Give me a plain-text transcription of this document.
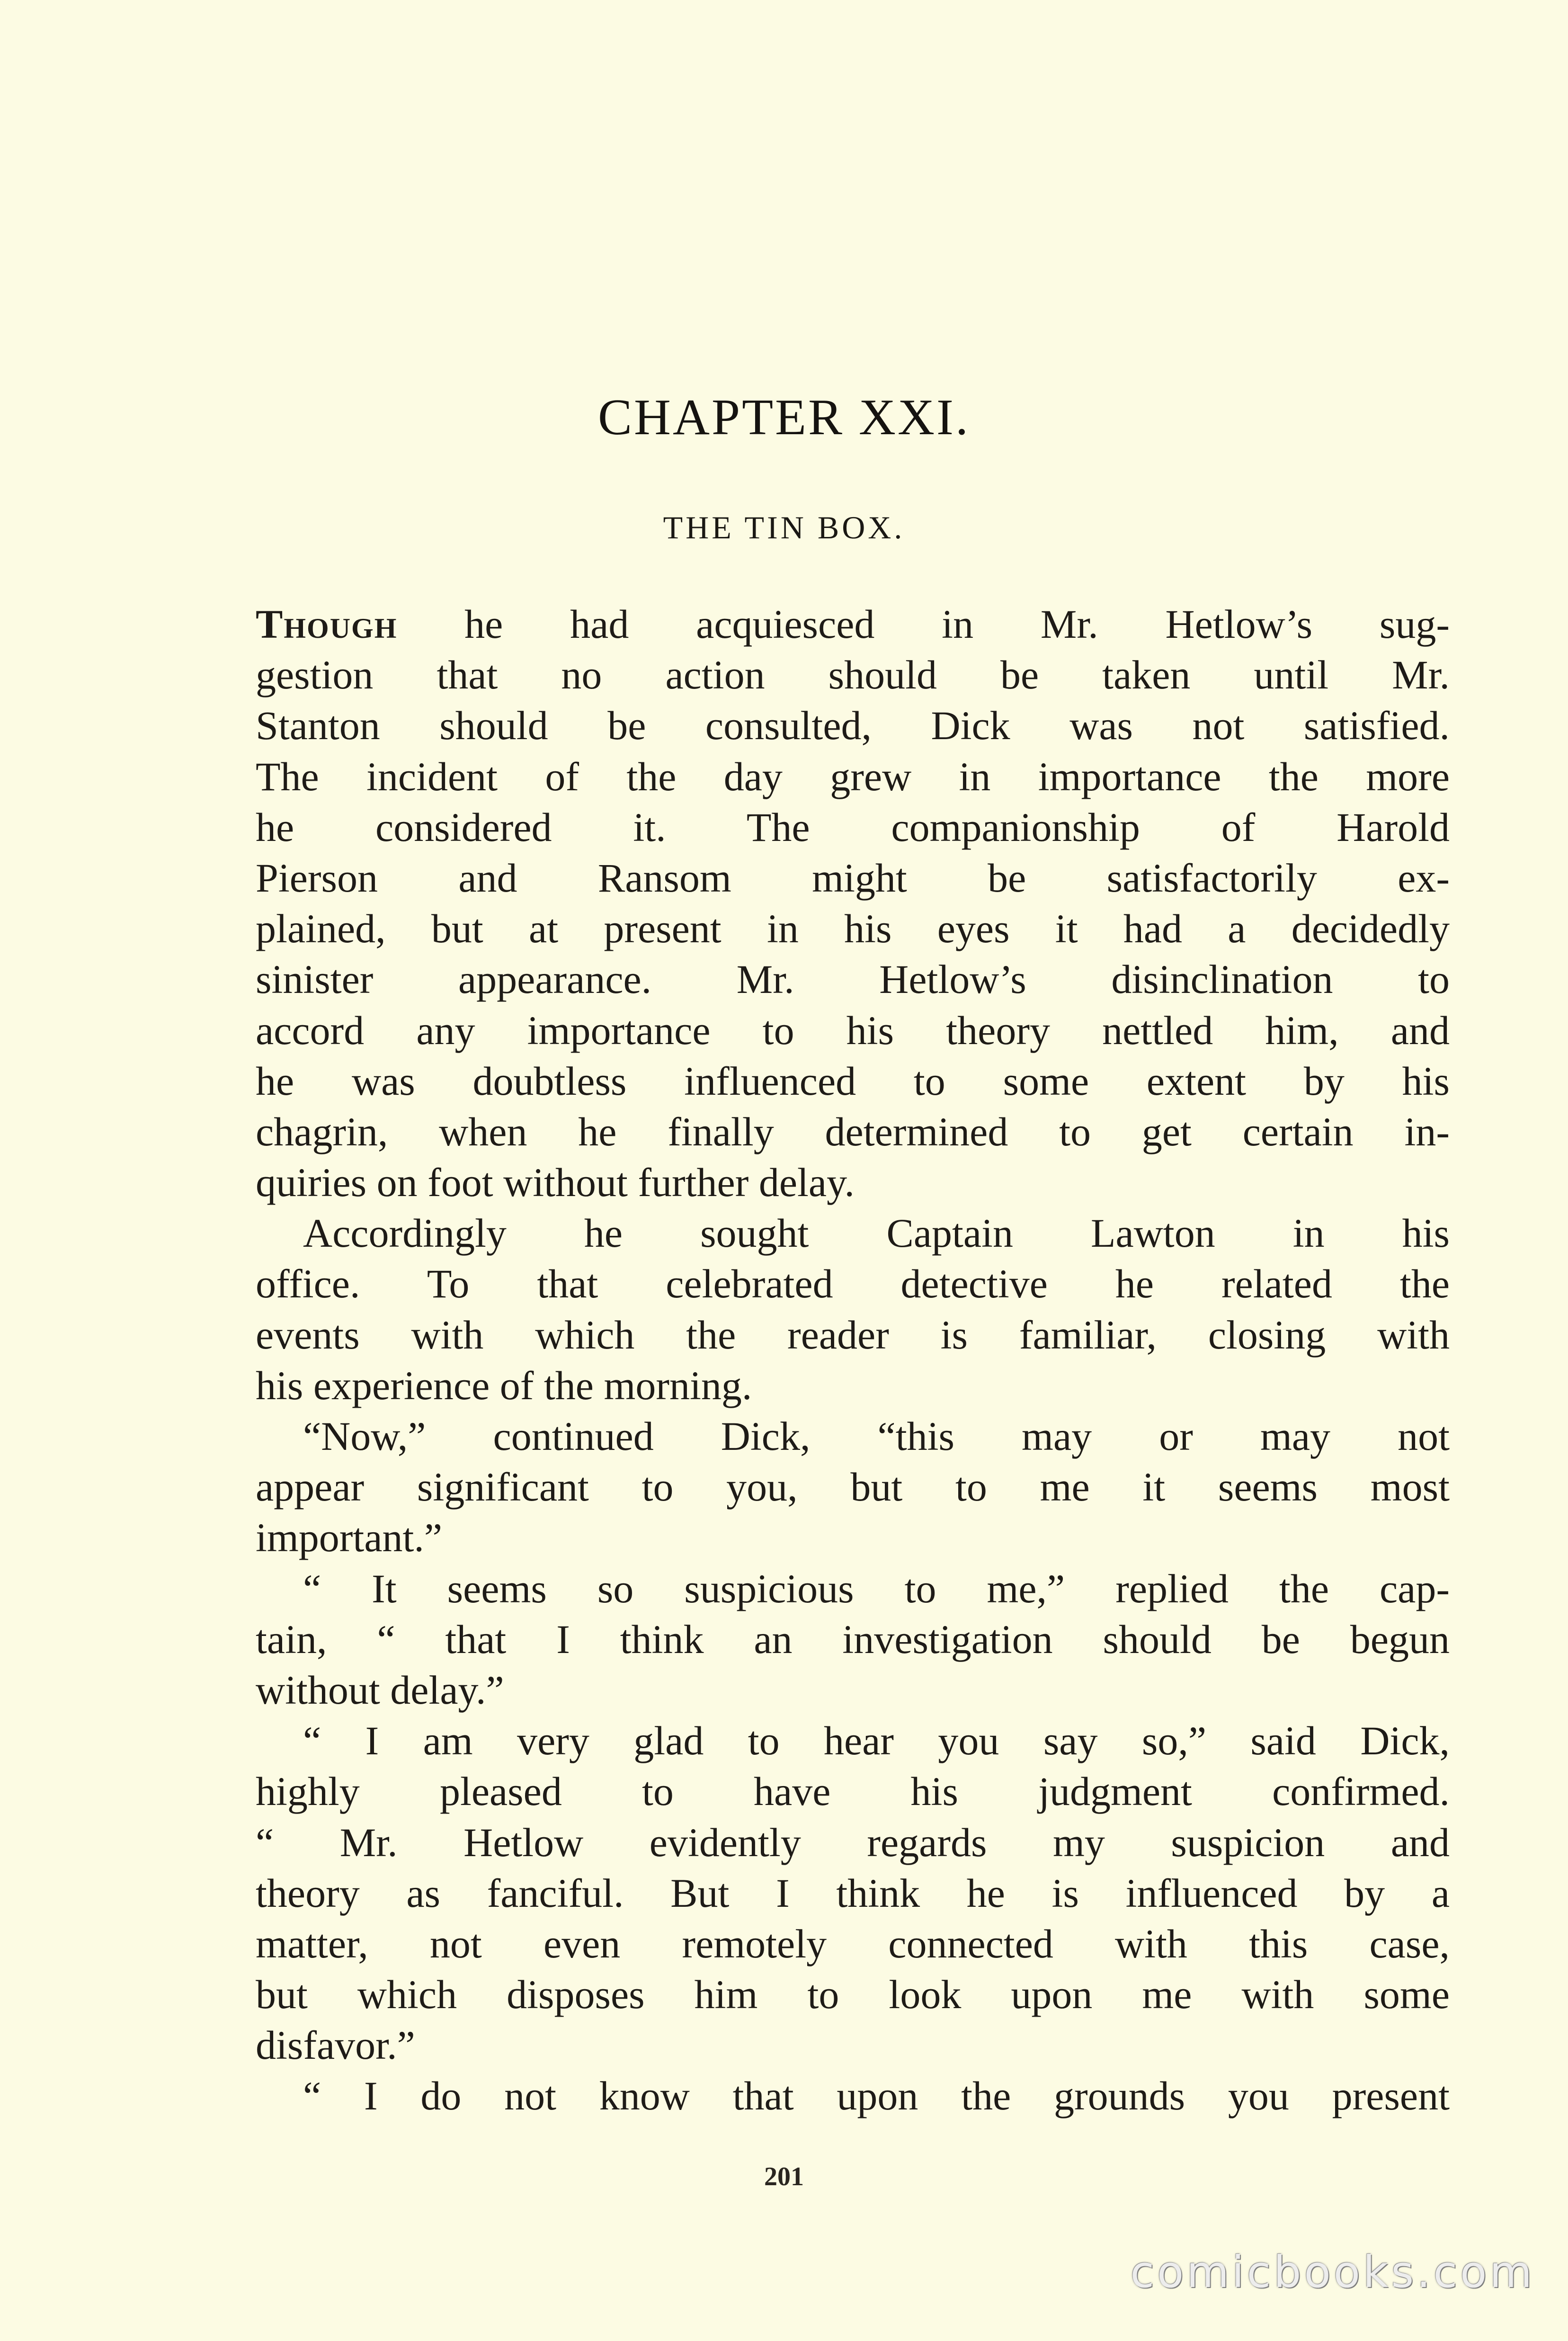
CHAPTER XXI.
THE TIN BOX.
Though he had acquiesced in Mr. Hetlow’s sug-
gestion that no action should be taken until Mr.
Stanton should be consulted, Dick was not satisfied.
The incident of the day grew in importance the more
he considered it. The companionship of Harold
Pierson and Ransom might be satisfactorily ex-
plained, but at present in his eyes it had a decidedly
sinister appearance. Mr. Hetlow’s disinclination to
accord any importance to his theory nettled him, and
he was doubtless influenced to some extent by his
chagrin, when he finally determined to get certain in-
quiries on foot without further delay.
Accordingly he sought Captain Lawton in his
office. To that celebrated detective he related the
events with which the reader is familiar, closing with
his experience of the morning.
“Now,” continued Dick, “this may or may not
appear significant to you, but to me it seems most
important.”
“ It seems so suspicious to me,” replied the cap-
tain, “ that I think an investigation should be begun
without delay.”
“ I am very glad to hear you say so,” said Dick,
highly pleased to have his judgment confirmed.
“ Mr. Hetlow evidently regards my suspicion and
theory as fanciful. But I think he is influenced by a
matter, not even remotely connected with this case,
but which disposes him to look upon me with some
disfavor.”
“ I do not know that upon the grounds you present
201
comicbooks.com
